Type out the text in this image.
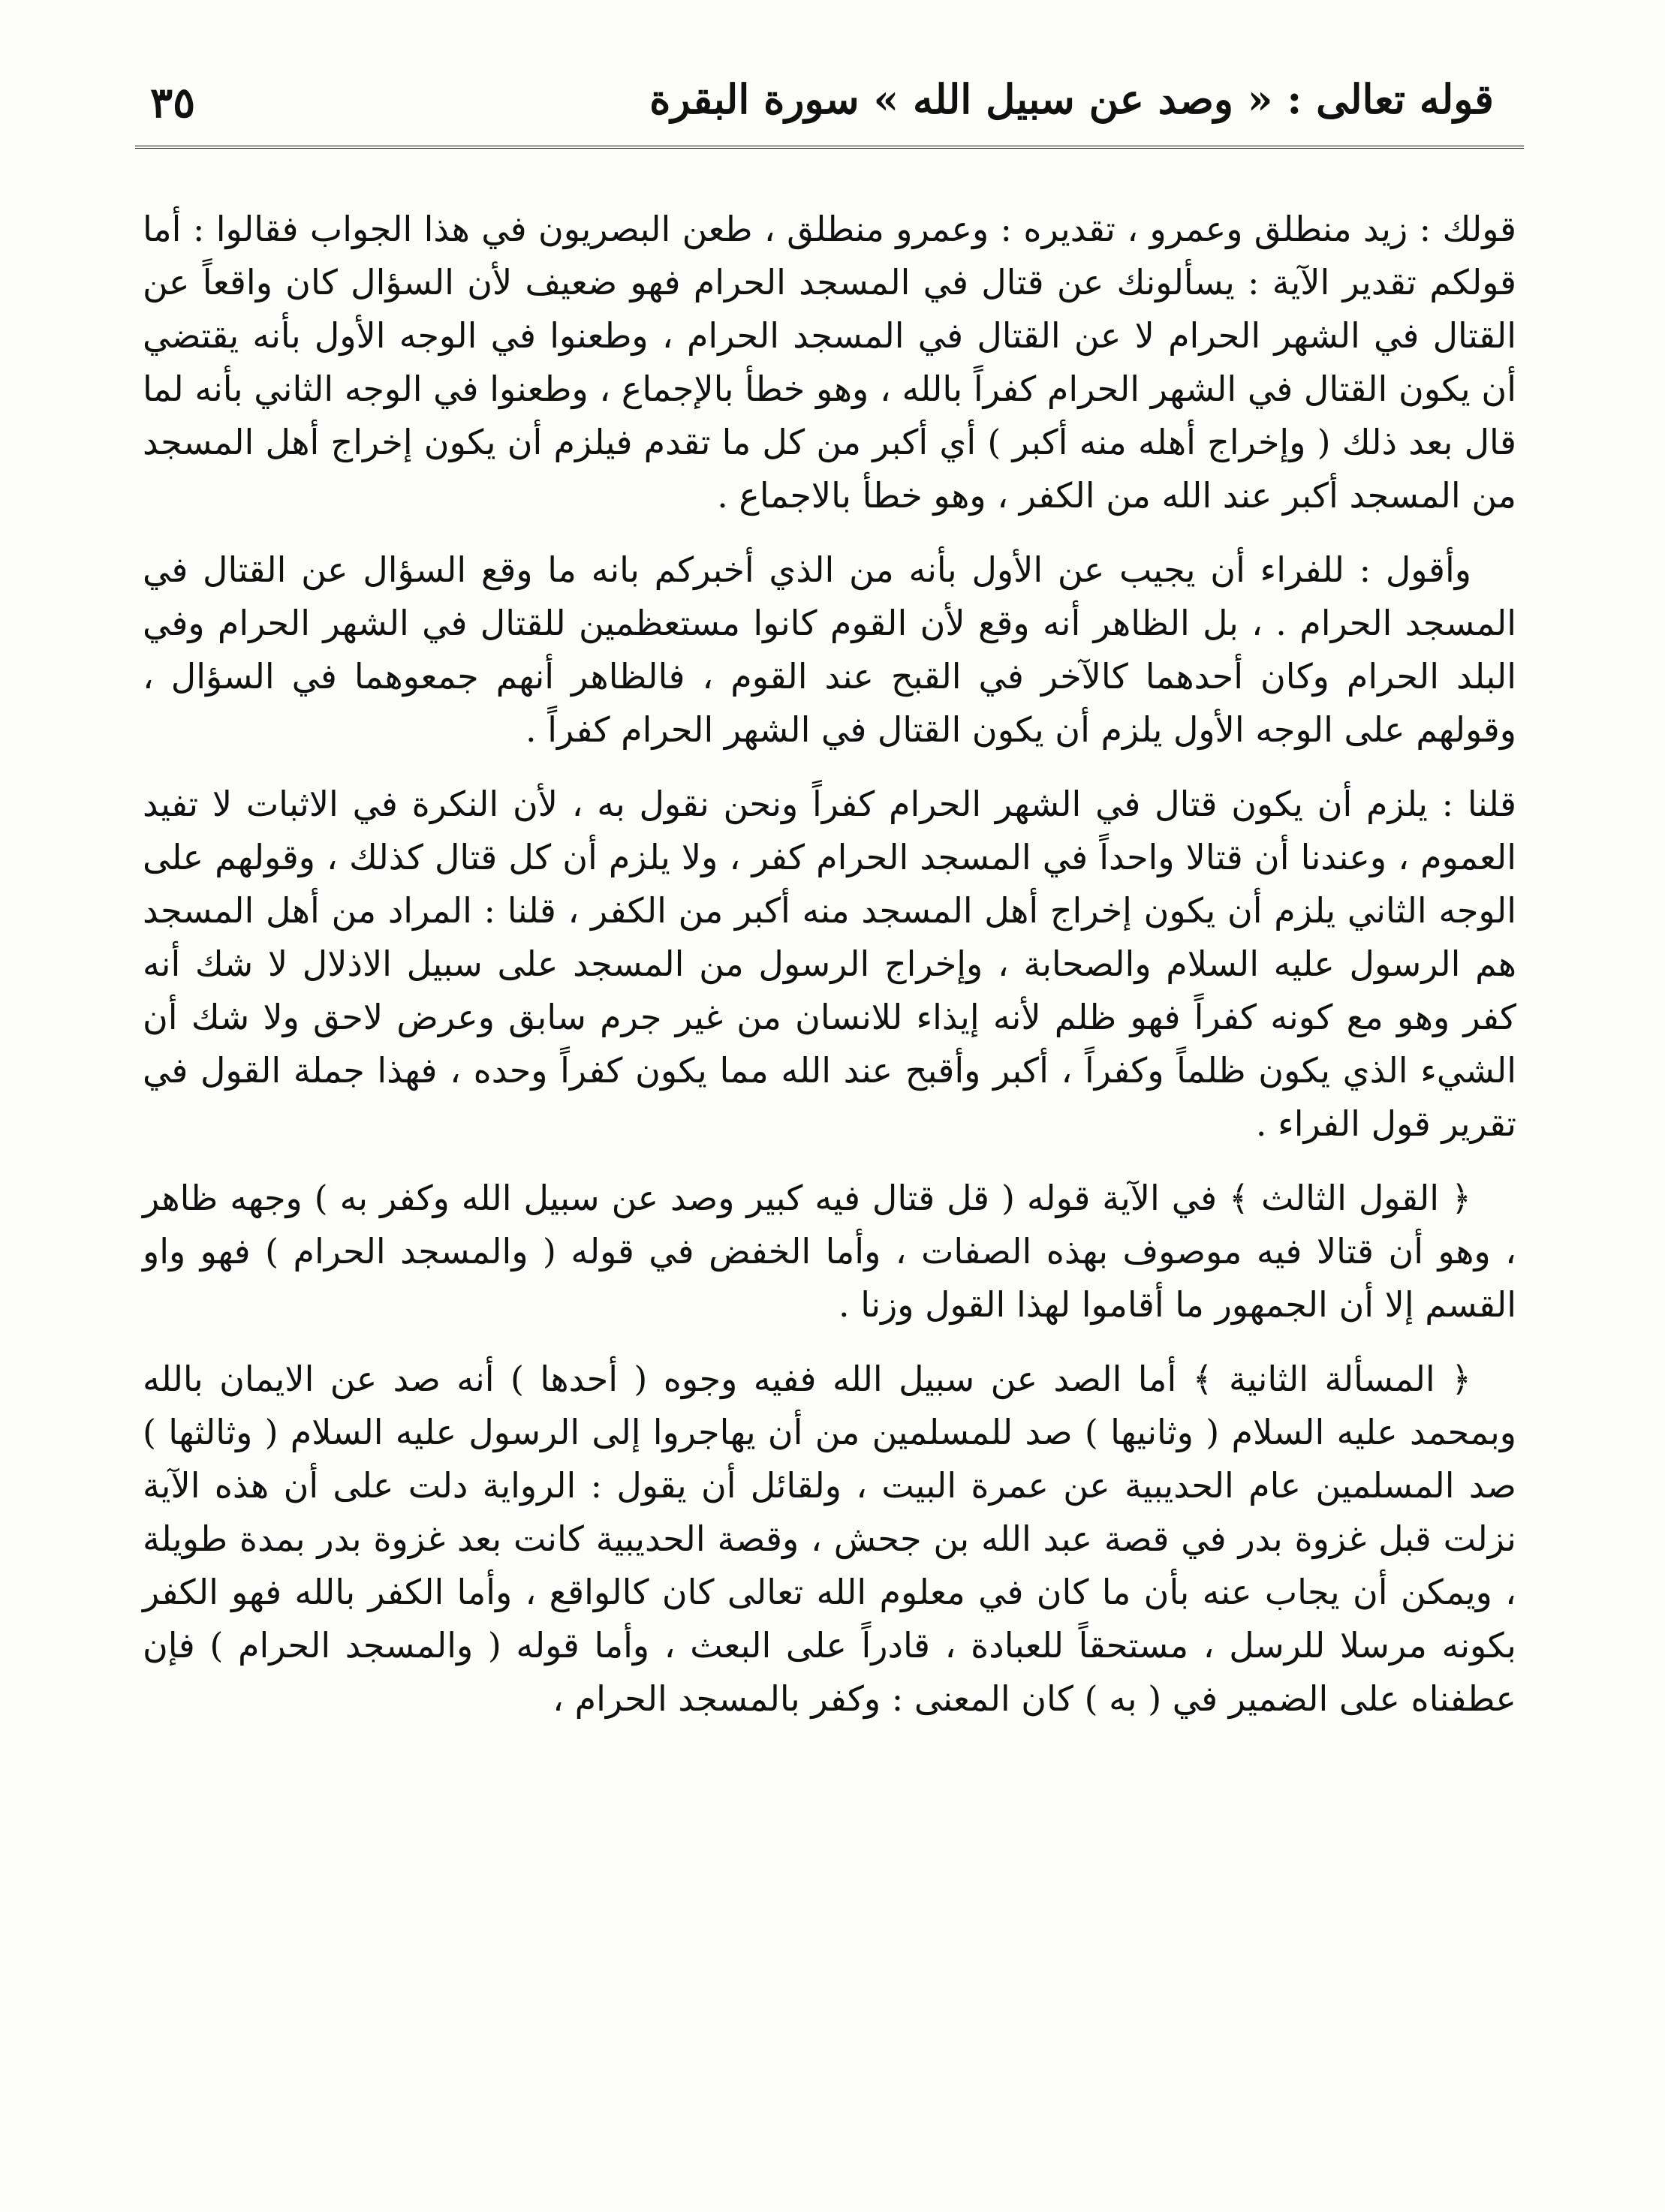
قوله تعالى : « وصد عن سبيل الله » سورة البقرة
٣٥

قولك : زيد منطلق وعمرو ، تقديره : وعمرو منطلق ، طعن البصريون في هذا الجواب فقالوا : أما قولكم تقدير الآية : يسألونك عن قتال في المسجد الحرام فهو ضعيف لأن السؤال كان واقعاً عن القتال في الشهر الحرام لا عن القتال في المسجد الحرام ، وطعنوا في الوجه الأول بأنه يقتضي أن يكون القتال في الشهر الحرام كفراً بالله ، وهو خطأ بالإجماع ، وطعنوا في الوجه الثاني بأنه لما قال بعد ذلك ( وإخراج أهله منه أكبر ) أي أكبر من كل ما تقدم فيلزم أن يكون إخراج أهل المسجد من المسجد أكبر عند الله من الكفر ، وهو خطأ بالاجماع .

وأقول : للفراء أن يجيب عن الأول بأنه من الذي أخبركم بانه ما وقع السؤال عن القتال في المسجد الحرام . ، بل الظاهر أنه وقع لأن القوم كانوا مستعظمين للقتال في الشهر الحرام وفي البلد الحرام وكان أحدهما كالآخر في القبح عند القوم ، فالظاهر أنهم جمعوهما في السؤال ، وقولهم على الوجه الأول يلزم أن يكون القتال في الشهر الحرام كفراً .

قلنا : يلزم أن يكون قتال في الشهر الحرام كفراً ونحن نقول به ، لأن النكرة في الاثبات لا تفيد العموم ، وعندنا أن قتالا واحداً في المسجد الحرام كفر ، ولا يلزم أن كل قتال كذلك ، وقولهم على الوجه الثاني يلزم أن يكون إخراج أهل المسجد منه أكبر من الكفر ، قلنا : المراد من أهل المسجد هم الرسول عليه السلام والصحابة ، وإخراج الرسول من المسجد على سبيل الاذلال لا شك أنه كفر وهو مع كونه كفراً فهو ظلم لأنه إيذاء للانسان من غير جرم سابق وعرض لاحق ولا شك أن الشيء الذي يكون ظلماً وكفراً ، أكبر وأقبح عند الله مما يكون كفراً وحده ، فهذا جملة القول في تقرير قول الفراء .

﴿ القول الثالث ﴾ في الآية قوله ( قل قتال فيه كبير وصد عن سبيل الله وكفر به ) وجهه ظاهر ، وهو أن قتالا فيه موصوف بهذه الصفات ، وأما الخفض في قوله ( والمسجد الحرام ) فهو واو القسم إلا أن الجمهور ما أقاموا لهذا القول وزنا .

﴿ المسألة الثانية ﴾ أما الصد عن سبيل الله ففيه وجوه ( أحدها ) أنه صد عن الايمان بالله وبمحمد عليه السلام ( وثانيها ) صد للمسلمين من أن يهاجروا إلى الرسول عليه السلام ( وثالثها ) صد المسلمين عام الحديبية عن عمرة البيت ، ولقائل أن يقول : الرواية دلت على أن هذه الآية نزلت قبل غزوة بدر في قصة عبد الله بن جحش ، وقصة الحديبية كانت بعد غزوة بدر بمدة طويلة ، ويمكن أن يجاب عنه بأن ما كان في معلوم الله تعالى كان كالواقع ، وأما الكفر بالله فهو الكفر بكونه مرسلا للرسل ، مستحقاً للعبادة ، قادراً على البعث ، وأما قوله ( والمسجد الحرام ) فإن عطفناه على الضمير في ( به ) كان المعنى : وكفر بالمسجد الحرام ،
